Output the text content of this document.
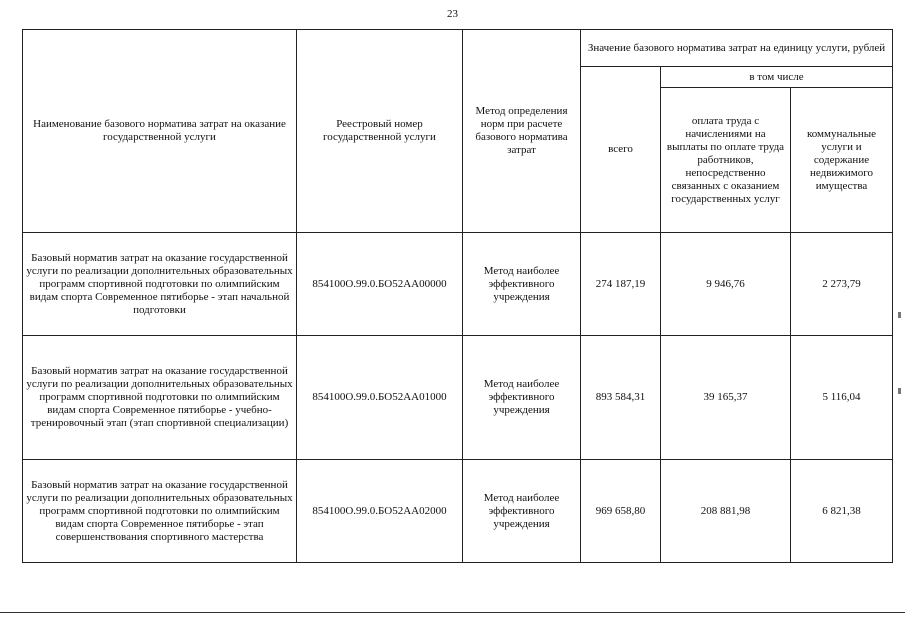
23
Наименование базового норматива затрат на оказание государственной услуги	Реестровый номер государственной услуги	Метод определения норм при расчете базового норматива затрат	Значение базового норматива затрат на единицу услуги, рублей		
			всего	в том числе	
				оплата труда с начислениями на выплаты по оплате труда работников, непосредственно связанных с оказанием государственных услуг	коммунальные услуги и содержание недвижимого имущества
Базовый норматив затрат на оказание государственной услуги по реализации дополнительных образовательных программ спортивной подготовки по олимпийским видам спорта Современное пятиборье - этап начальной подготовки	854100О.99.0.БО52АА00000	Метод наиболее эффективного учреждения	274 187,19	9 946,76	2 273,79
Базовый норматив затрат на оказание государственной услуги по реализации дополнительных образовательных программ спортивной подготовки по олимпийским видам спорта Современное пятиборье - учебно-тренировочный этап (этап спортивной специализации)	854100О.99.0.БО52АА01000	Метод наиболее эффективного учреждения	893 584,31	39 165,37	5 116,04
Базовый норматив затрат на оказание государственной услуги по реализации дополнительных образовательных программ спортивной подготовки по олимпийским видам спорта Современное пятиборье - этап совершенствования спортивного мастерства	854100О.99.0.БО52АА02000	Метод наиболее эффективного учреждения	969 658,80	208 881,98	6 821,38
